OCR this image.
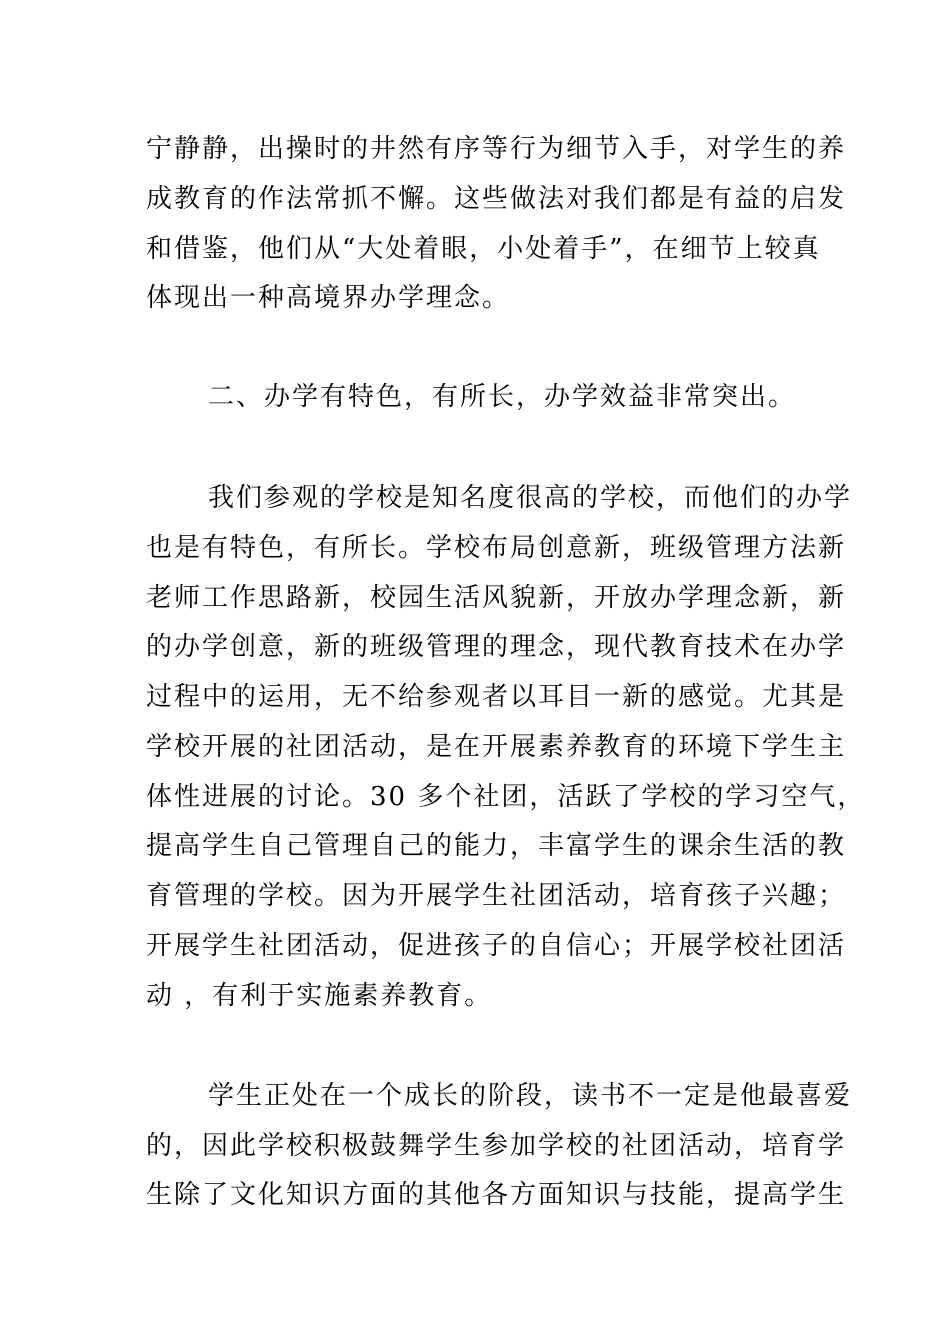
宁静静，出操时的井然有序等行为细节入手，对学生的养
成教育的作法常抓不懈。这些做法对我们都是有益的启发
和借鉴，他们从“大处着眼，小处着手”，在细节上较真
体现出一种高境界办学理念。
二、办学有特色，有所长，办学效益非常突出。
我们参观的学校是知名度很高的学校，而他们的办学
也是有特色，有所长。学校布局创意新，班级管理方法新
老师工作思路新，校园生活风貌新，开放办学理念新，新
的办学创意，新的班级管理的理念，现代教育技术在办学
过程中的运用，无不给参观者以耳目一新的感觉。尤其是
学校开展的社团活动，是在开展素养教育的环境下学生主
体性进展的讨论。30 多个社团，活跃了学校的学习空气，
提高学生自己管理自己的能力，丰富学生的课余生活的教
育管理的学校。因为开展学生社团活动，培育孩子兴趣；
开展学生社团活动，促进孩子的自信心；开展学校社团活
动 ，有利于实施素养教育。
学生正处在一个成长的阶段，读书不一定是他最喜爱
的，因此学校积极鼓舞学生参加学校的社团活动，培育学
生除了文化知识方面的其他各方面知识与技能，提高学生
